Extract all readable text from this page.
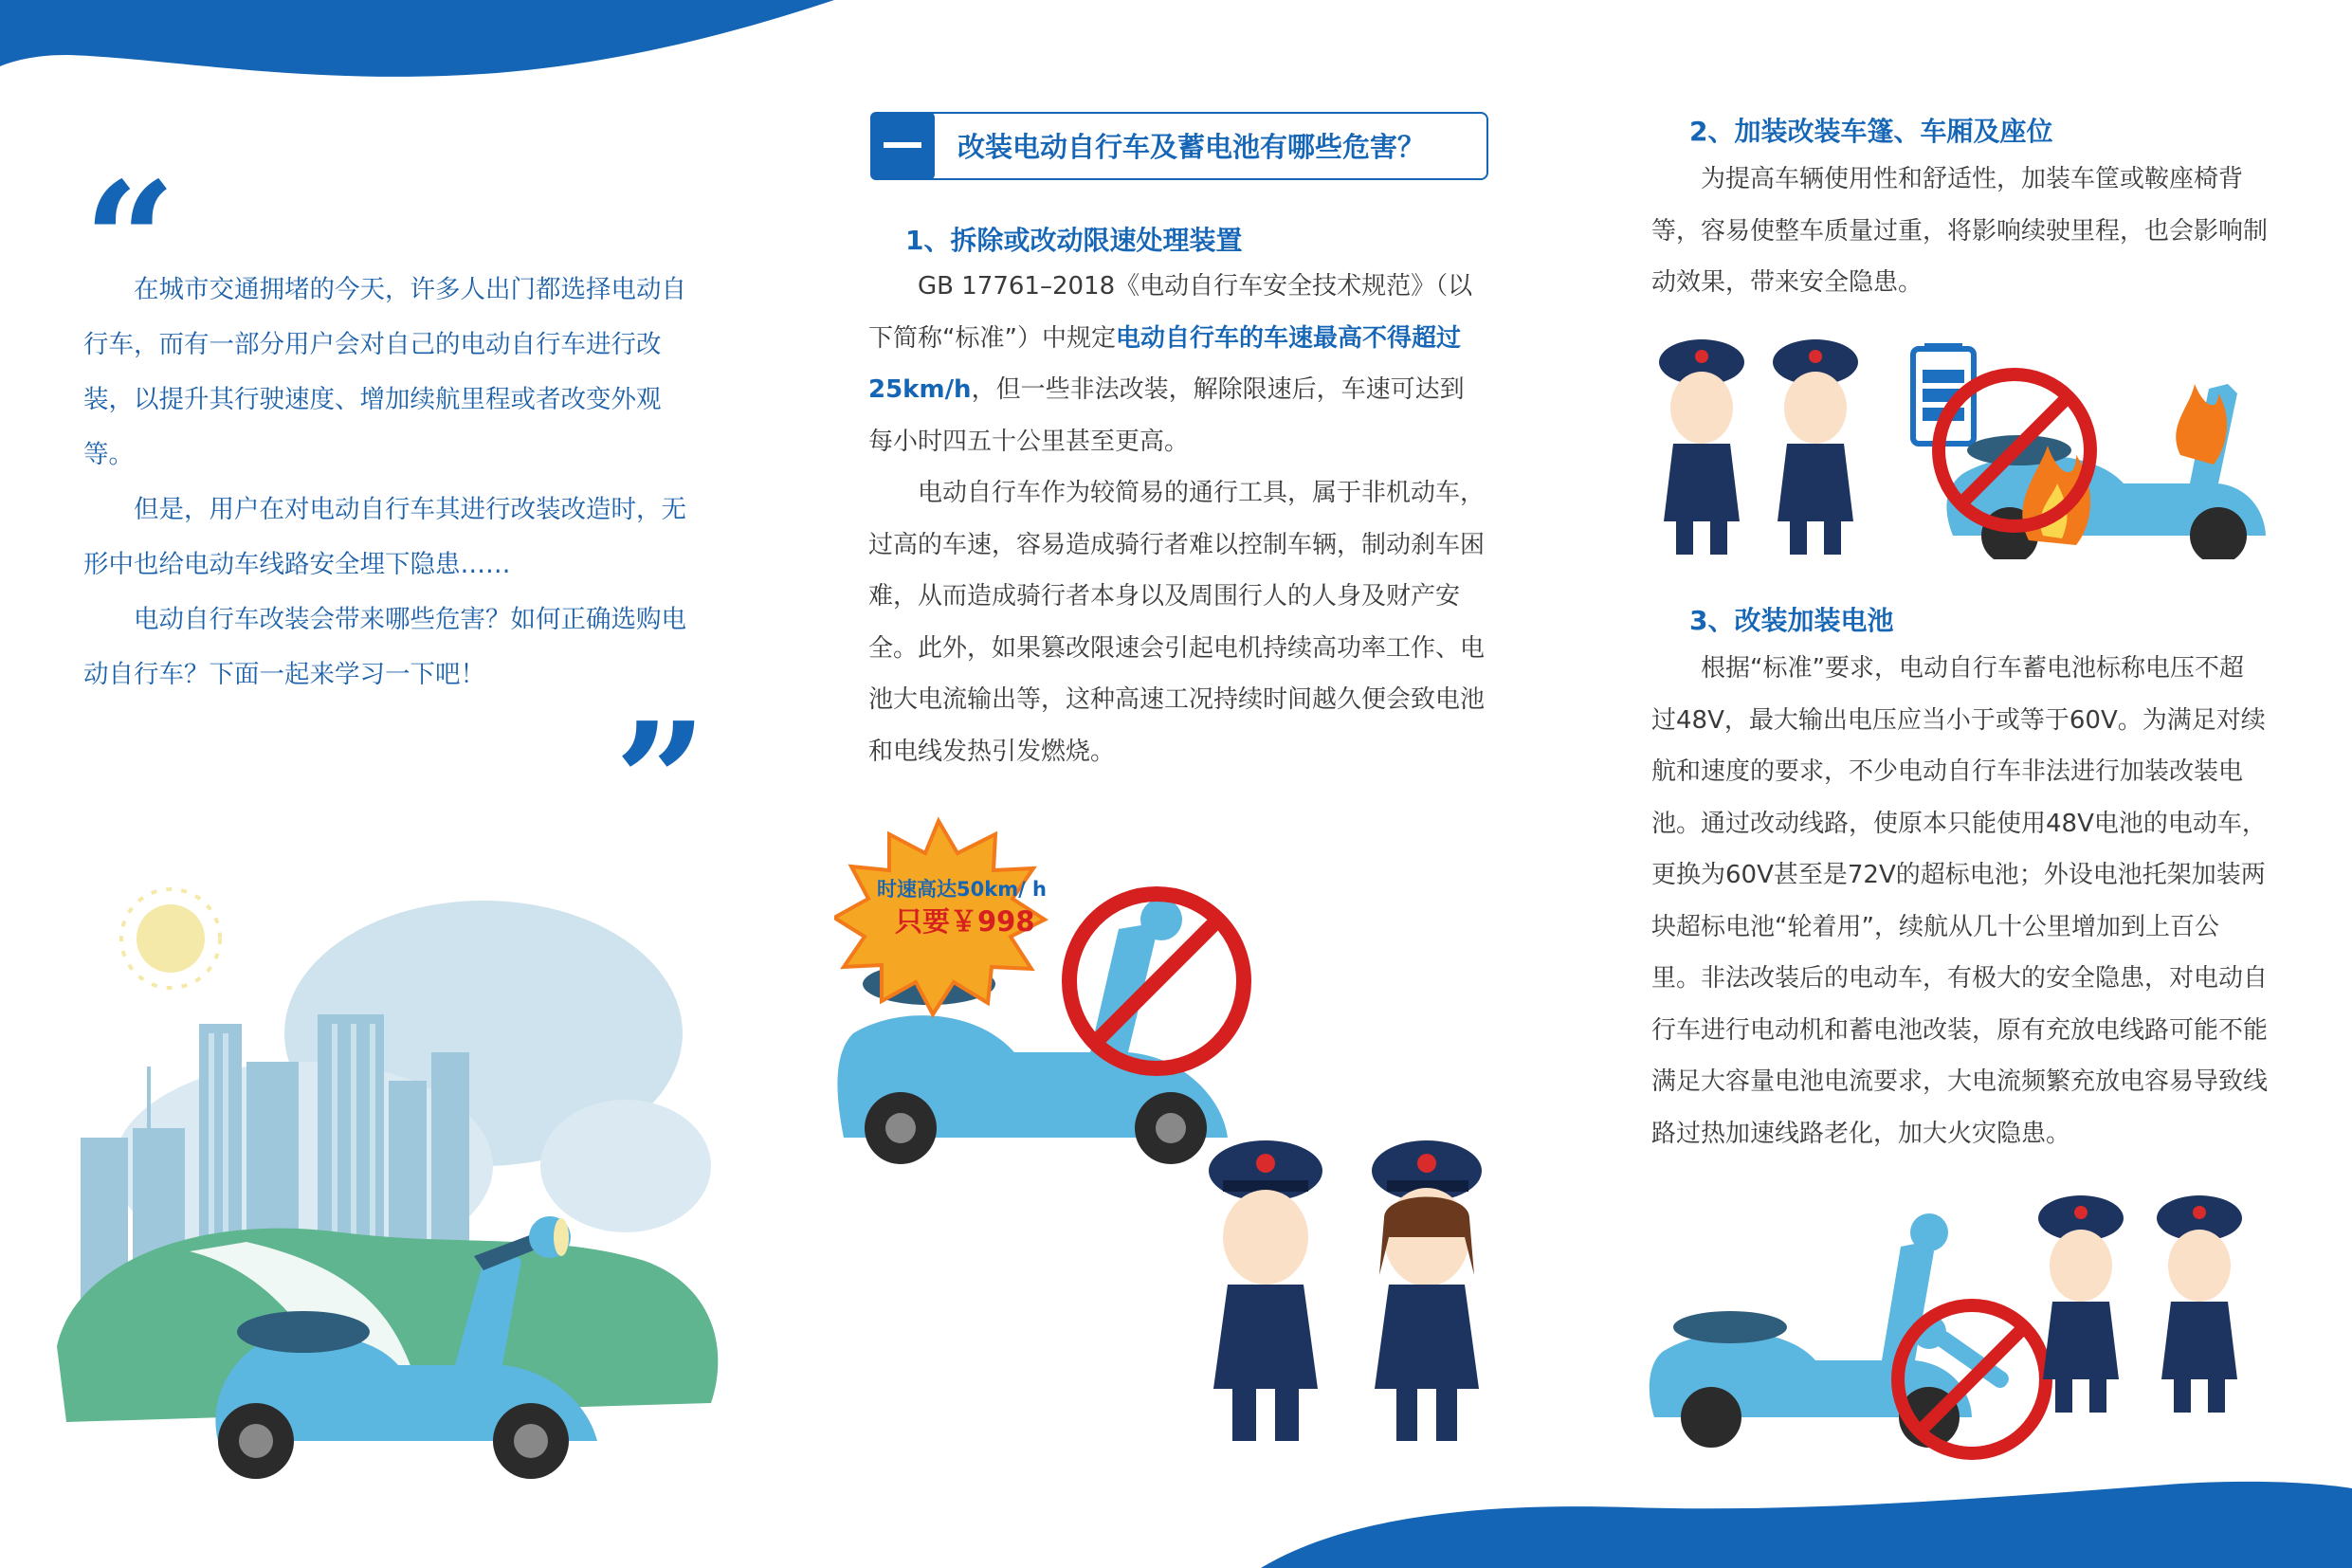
“

在城市交通拥堵的今天，许多人出门都选择电动自行车，而有一部分用户会对自己的电动自行车进行改装，以提升其行驶速度、增加续航里程或者改变外观等。

但是，用户在对电动自行车其进行改装改造时，无形中也给电动车线路安全埋下隐患……

电动自行车改装会带来哪些危害？如何正确选购电动自行车？下面一起来学习一下吧！

”
改装电动自行车及蓄电池有哪些危害？
1、拆除或改动限速处理装置

GB 17761–2018《电动自行车安全技术规范》（以下简称“标准”）中规定电动自行车的车速最高不得超过25km/h，但一些非法改装，解除限速后，车速可达到每小时四五十公里甚至更高。

电动自行车作为较简易的通行工具，属于非机动车，过高的车速，容易造成骑行者难以控制车辆，制动刹车困难，从而造成骑行者本身以及周围行人的人身及财产安全。此外，如果篡改限速会引起电机持续高功率工作、电池大电流输出等，这种高速工况持续时间越久便会致电池和电线发热引发燃烧。

时速高达50km/ h
只要￥998
2、加装改装车篷、车厢及座位

为提高车辆使用性和舒适性，加装车筐或鞍座椅背等，容易使整车质量过重，将影响续驶里程，也会影响制动效果，带来安全隐患。

3、改装加装电池

根据“标准”要求，电动自行车蓄电池标称电压不超过48V，最大输出电压应当小于或等于60V。为满足对续航和速度的要求，不少电动自行车非法进行加装改装电池。通过改动线路，使原本只能使用48V电池的电动车，更换为60V甚至是72V的超标电池；外设电池托架加装两块超标电池“轮着用”，续航从几十公里增加到上百公里。非法改装后的电动车，有极大的安全隐患，对电动自行车进行电动机和蓄电池改装，原有充放电线路可能不能满足大容量电池电流要求，大电流频繁充放电容易导致线路过热加速线路老化，加大火灾隐患。
